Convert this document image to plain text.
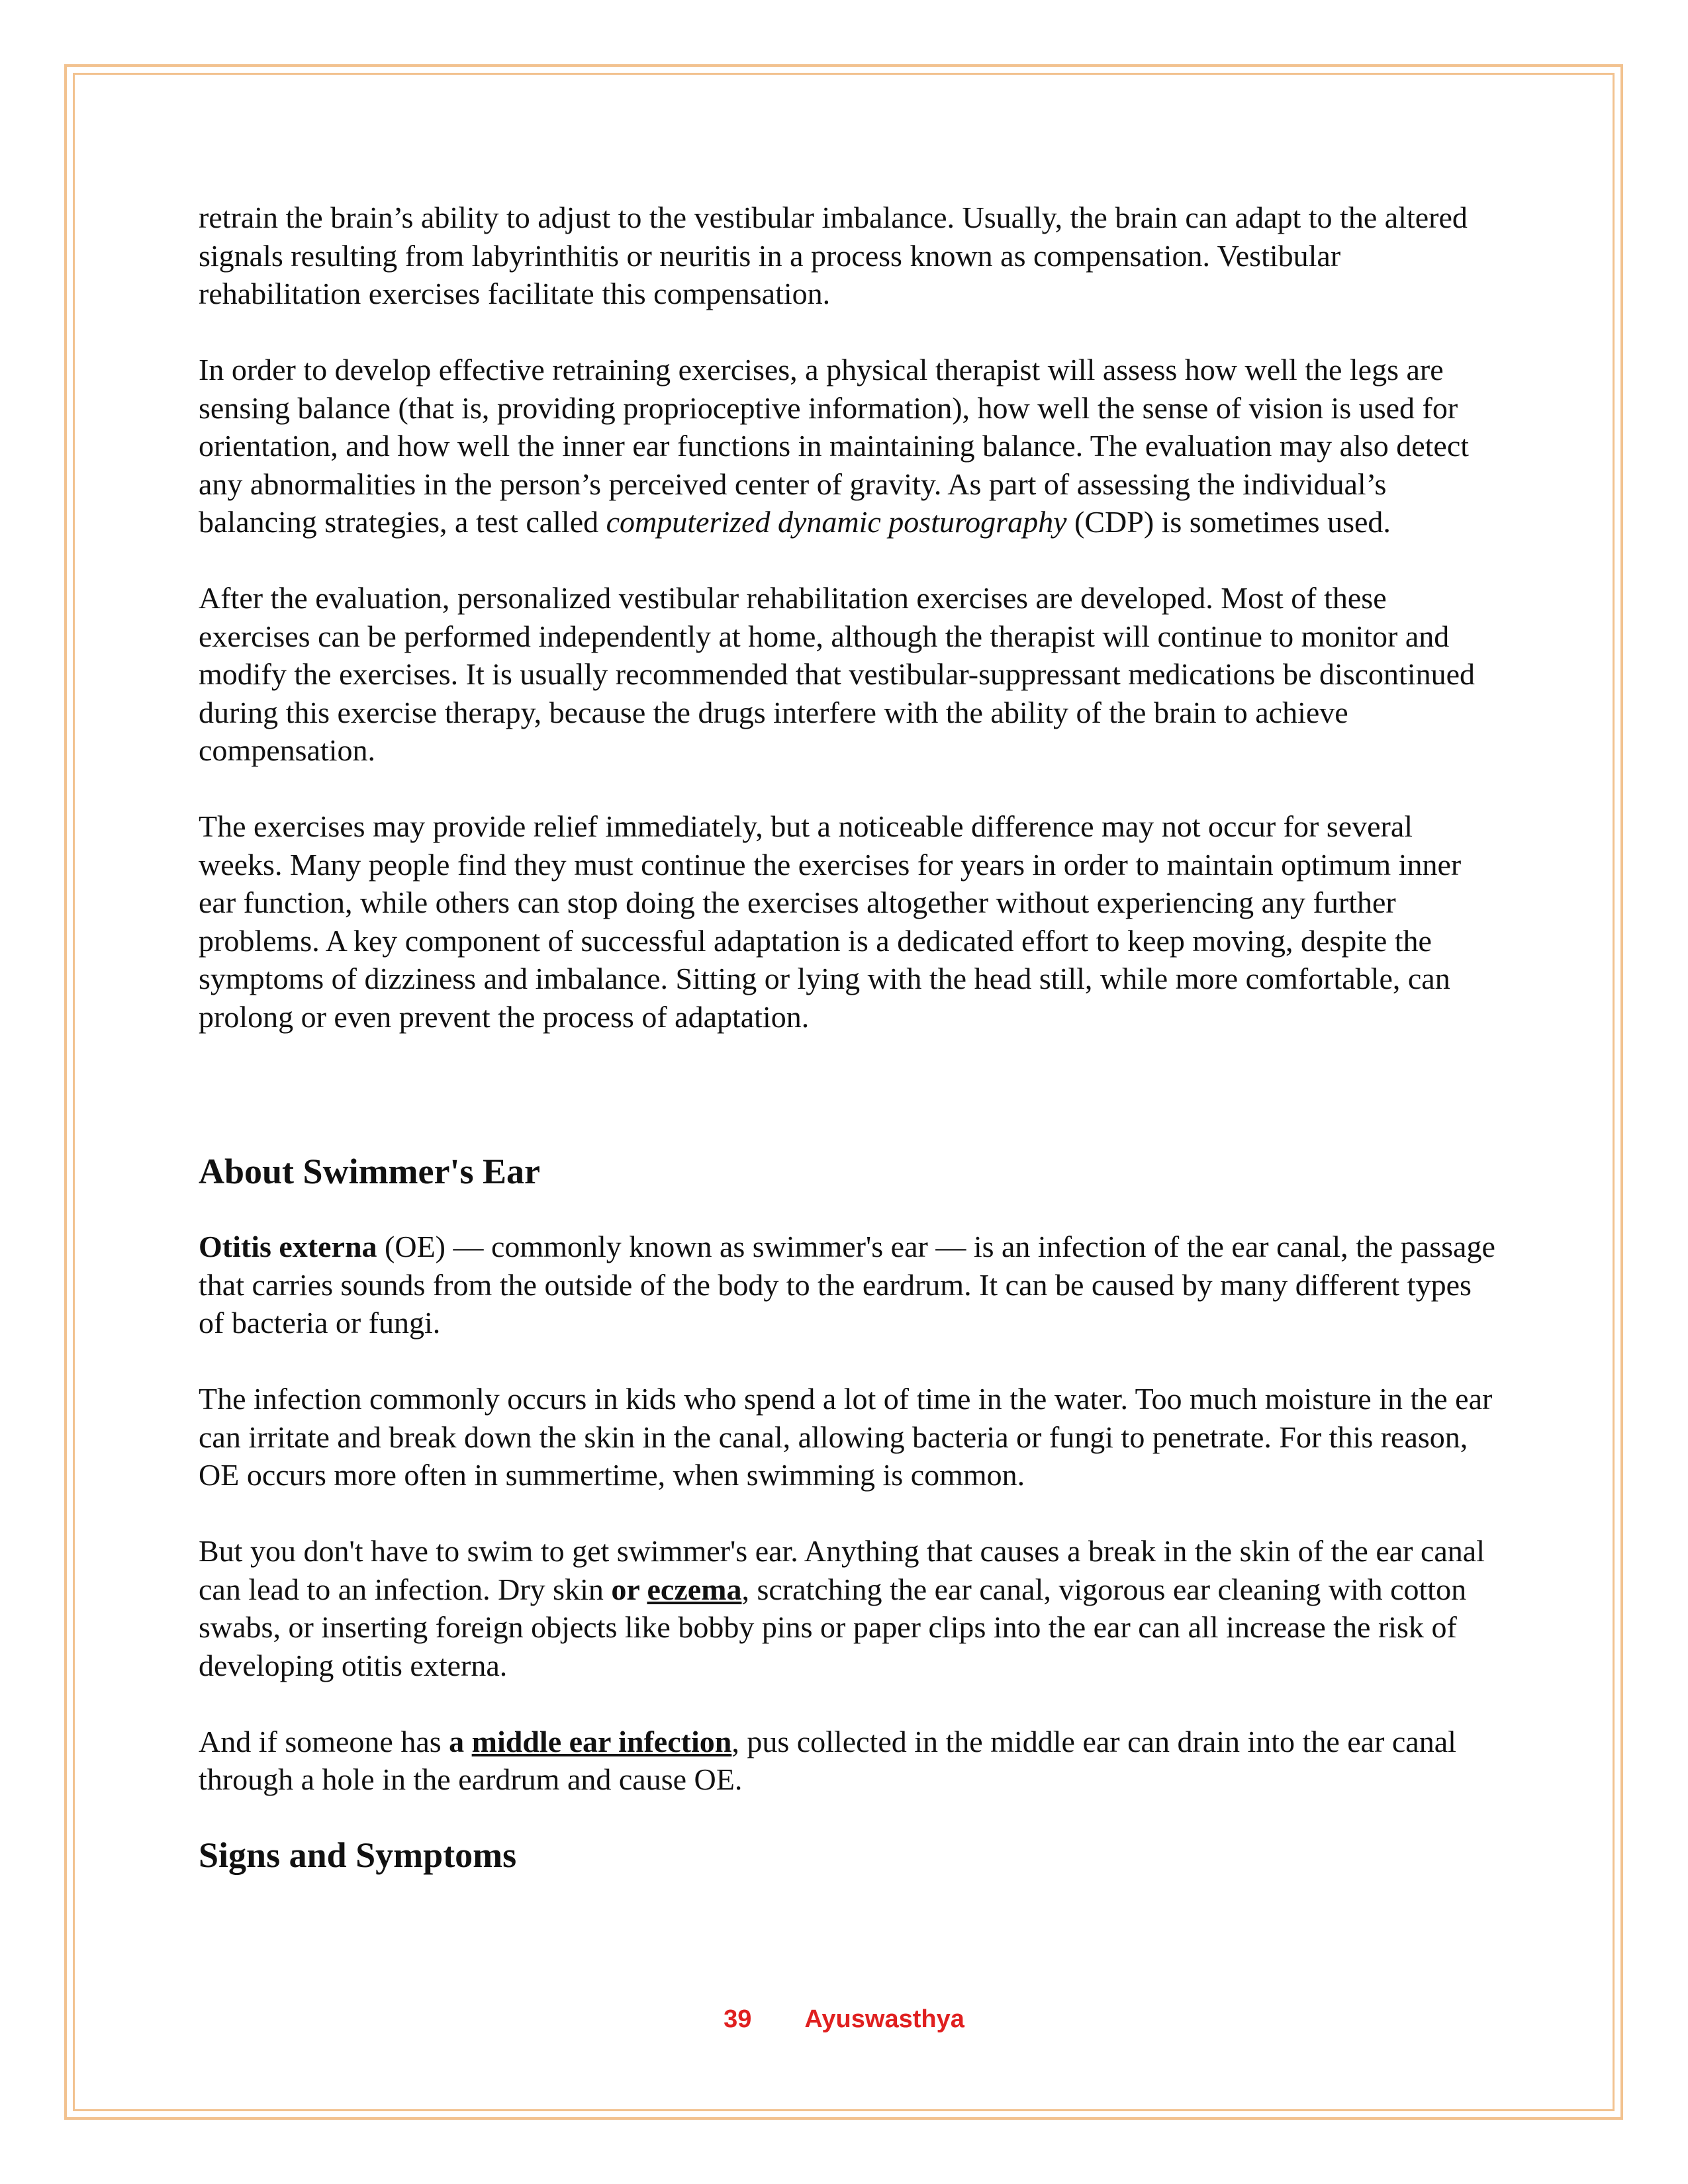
retrain the brain’s ability to adjust to the vestibular imbalance. Usually, the brain can adapt to the altered signals resulting from labyrinthitis or neuritis in a process known as compensation. Vestibular rehabilitation exercises facilitate this compensation.

In order to develop effective retraining exercises, a physical therapist will assess how well the legs are sensing balance (that is, providing proprioceptive information), how well the sense of vision is used for orientation, and how well the inner ear functions in maintaining balance. The evaluation may also detect any abnormalities in the person’s perceived center of gravity. As part of assessing the individual’s balancing strategies, a test called computerized dynamic posturography (CDP) is sometimes used.

After the evaluation, personalized vestibular rehabilitation exercises are developed. Most of these exercises can be performed independently at home, although the therapist will continue to monitor and modify the exercises. It is usually recommended that vestibular-suppressant medications be discontinued during this exercise therapy, because the drugs interfere with the ability of the brain to achieve compensation.

The exercises may provide relief immediately, but a noticeable difference may not occur for several weeks. Many people find they must continue the exercises for years in order to maintain optimum inner ear function, while others can stop doing the exercises altogether without experiencing any further problems. A key component of successful adaptation is a dedicated effort to keep moving, despite the symptoms of dizziness and imbalance. Sitting or lying with the head still, while more comfortable, can prolong or even prevent the process of adaptation.

About Swimmer's Ear

Otitis externa (OE) — commonly known as swimmer's ear — is an infection of the ear canal, the passage that carries sounds from the outside of the body to the eardrum. It can be caused by many different types of bacteria or fungi.

The infection commonly occurs in kids who spend a lot of time in the water. Too much moisture in the ear can irritate and break down the skin in the canal, allowing bacteria or fungi to penetrate. For this reason, OE occurs more often in summertime, when swimming is common.

But you don't have to swim to get swimmer's ear. Anything that causes a break in the skin of the ear canal can lead to an infection. Dry skin or eczema, scratching the ear canal, vigorous ear cleaning with cotton swabs, or inserting foreign objects like bobby pins or paper clips into the ear can all increase the risk of developing otitis externa.

And if someone has a middle ear infection, pus collected in the middle ear can drain into the ear canal through a hole in the eardrum and cause OE.

Signs and Symptoms
39 Ayuswasthya
